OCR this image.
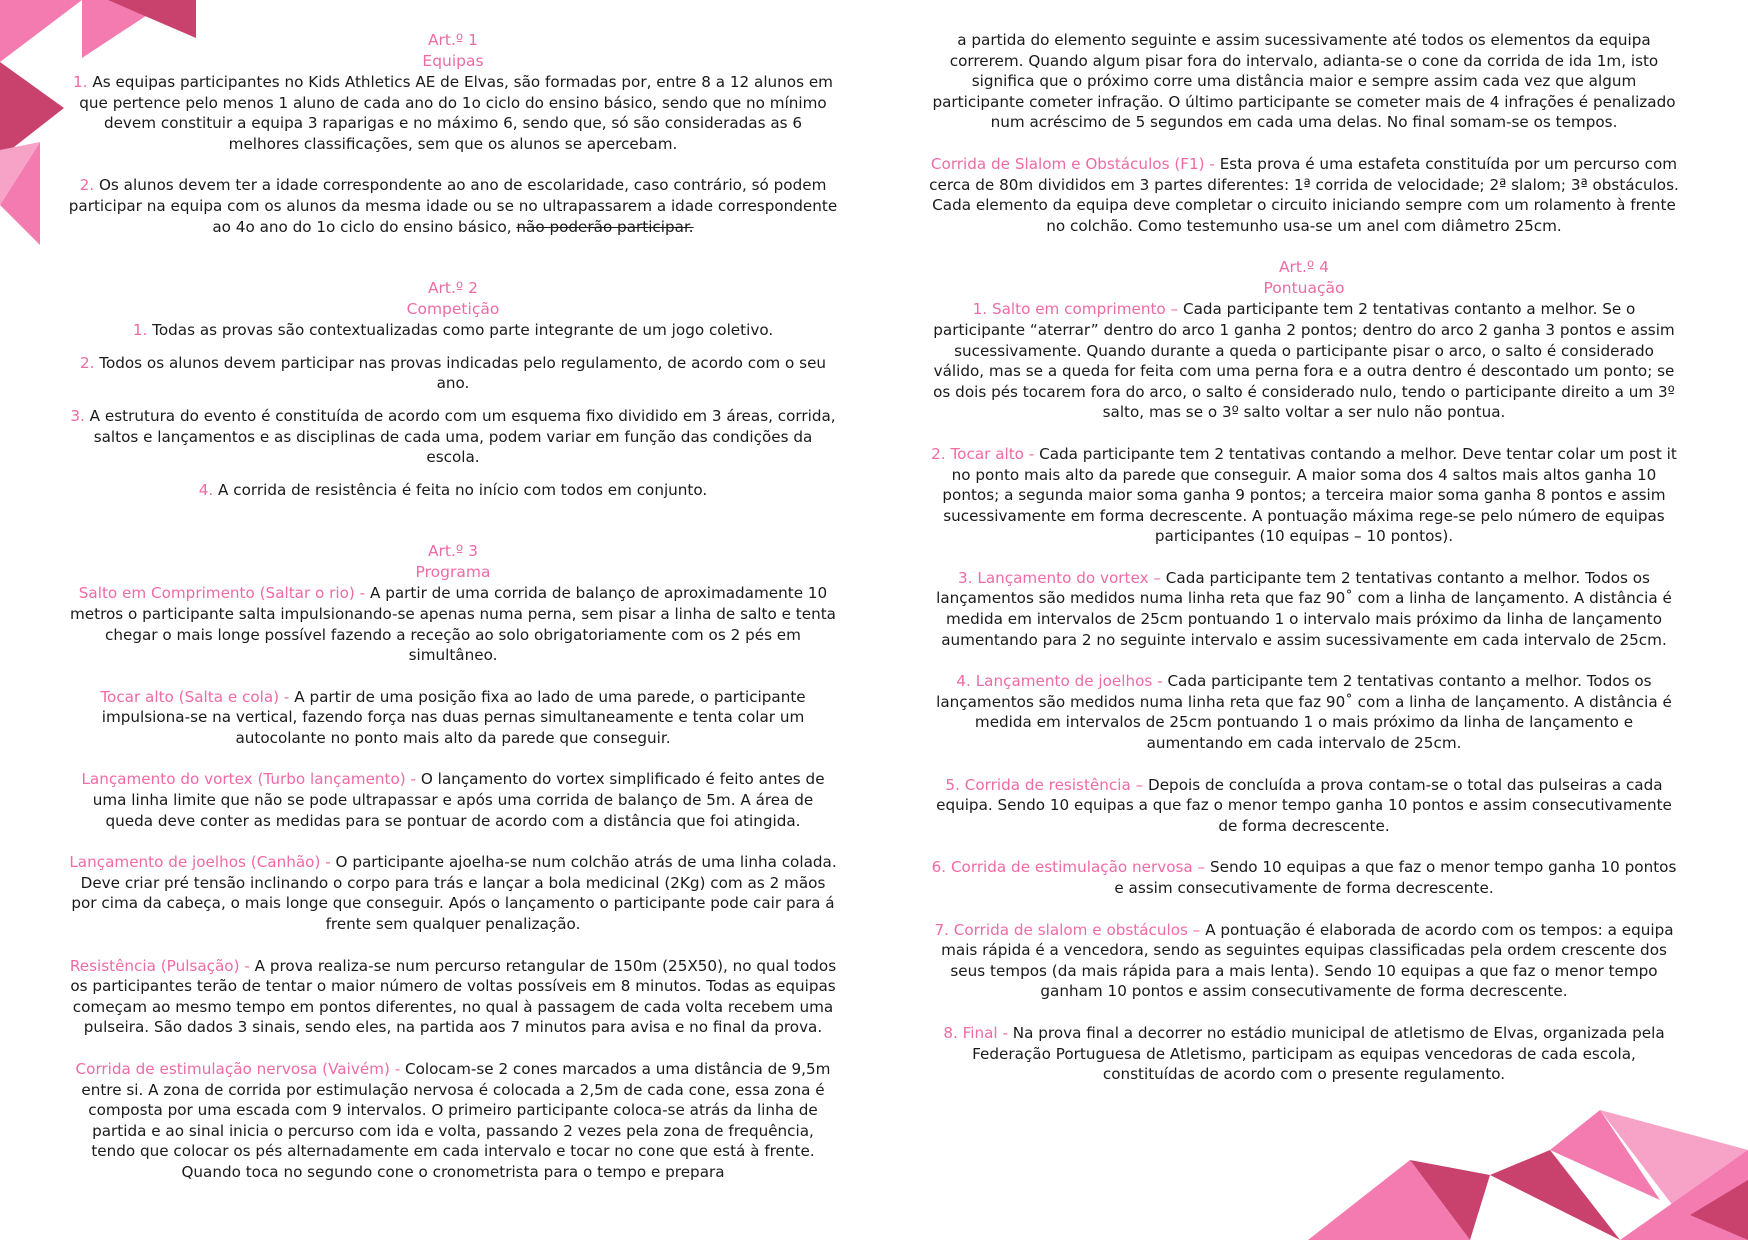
Art.º 1
Equipas

1. As equipas participantes no Kids Athletics AE de Elvas, são formadas por, entre 8 a 12 alunos em que pertence pelo menos 1 aluno de cada ano do 1o ciclo do ensino básico, sendo que no mínimo devem constituir a equipa 3 raparigas e no máximo 6, sendo que, só são consideradas as 6 melhores classificações, sem que os alunos se apercebam.

2. Os alunos devem ter a idade correspondente ao ano de escolaridade, caso contrário, só podem participar na equipa com os alunos da mesma idade ou se no ultrapassarem a idade correspondente ao 4o ano do 1o ciclo do ensino básico, não poderão participar.

Art.º 2
Competição

1. Todas as provas são contextualizadas como parte integrante de um jogo coletivo.

2. Todos os alunos devem participar nas provas indicadas pelo regulamento, de acordo com o seu ano.

3. A estrutura do evento é constituída de acordo com um esquema fixo dividido em 3 áreas, corrida, saltos e lançamentos e as disciplinas de cada uma, podem variar em função das condições da escola.

4. A corrida de resistência é feita no início com todos em conjunto.

Art.º 3
Programa

Salto em Comprimento (Saltar o rio) - A partir de uma corrida de balanço de aproximadamente 10 metros o participante salta impulsionando-se apenas numa perna, sem pisar a linha de salto e tenta chegar o mais longe possível fazendo a receção ao solo obrigatoriamente com os 2 pés em simultâneo.

Tocar alto (Salta e cola) - A partir de uma posição fixa ao lado de uma parede, o participante impulsiona-se na vertical, fazendo força nas duas pernas simultaneamente e tenta colar um autocolante no ponto mais alto da parede que conseguir.

Lançamento do vortex (Turbo lançamento) - O lançamento do vortex simplificado é feito antes de uma linha limite que não se pode ultrapassar e após uma corrida de balanço de 5m. A área de queda deve conter as medidas para se pontuar de acordo com a distância que foi atingida.

Lançamento de joelhos (Canhão) - O participante ajoelha-se num colchão atrás de uma linha colada. Deve criar pré tensão inclinando o corpo para trás e lançar a bola medicinal (2Kg) com as 2 mãos por cima da cabeça, o mais longe que conseguir. Após o lançamento o participante pode cair para á frente sem qualquer penalização.

Resistência (Pulsação) - A prova realiza-se num percurso retangular de 150m (25X50), no qual todos os participantes terão de tentar o maior número de voltas possíveis em 8 minutos. Todas as equipas começam ao mesmo tempo em pontos diferentes, no qual à passagem de cada volta recebem uma pulseira. São dados 3 sinais, sendo eles, na partida aos 7 minutos para avisa e no final da prova.

Corrida de estimulação nervosa (Vaivém) - Colocam-se 2 cones marcados a uma distância de 9,5m entre si. A zona de corrida por estimulação nervosa é colocada a 2,5m de cada cone, essa zona é composta por uma escada com 9 intervalos. O primeiro participante coloca-se atrás da linha de partida e ao sinal inicia o percurso com ida e volta, passando 2 vezes pela zona de frequência, tendo que colocar os pés alternadamente em cada intervalo e tocar no cone que está à frente. Quando toca no segundo cone o cronometrista para o tempo e prepara

a partida do elemento seguinte e assim sucessivamente até todos os elementos da equipa correrem. Quando algum pisar fora do intervalo, adianta-se o cone da corrida de ida 1m, isto significa que o próximo corre uma distância maior e sempre assim cada vez que algum participante cometer infração. O último participante se cometer mais de 4 infrações é penalizado num acréscimo de 5 segundos em cada uma delas. No final somam-se os tempos.

Corrida de Slalom e Obstáculos (F1) - Esta prova é uma estafeta constituída por um percurso com cerca de 80m divididos em 3 partes diferentes: 1ª corrida de velocidade; 2ª slalom; 3ª obstáculos. Cada elemento da equipa deve completar o circuito iniciando sempre com um rolamento à frente no colchão. Como testemunho usa-se um anel com diâmetro 25cm.

Art.º 4
Pontuação

1. Salto em comprimento – Cada participante tem 2 tentativas contanto a melhor. Se o participante “aterrar” dentro do arco 1 ganha 2 pontos; dentro do arco 2 ganha 3 pontos e assim sucessivamente. Quando durante a queda o participante pisar o arco, o salto é considerado válido, mas se a queda for feita com uma perna fora e a outra dentro é descontado um ponto; se os dois pés tocarem fora do arco, o salto é considerado nulo, tendo o participante direito a um 3º salto, mas se o 3º salto voltar a ser nulo não pontua.

2. Tocar alto - Cada participante tem 2 tentativas contando a melhor. Deve tentar colar um post it no ponto mais alto da parede que conseguir. A maior soma dos 4 saltos mais altos ganha 10 pontos; a segunda maior soma ganha 9 pontos; a terceira maior soma ganha 8 pontos e assim sucessivamente em forma decrescente. A pontuação máxima rege-se pelo número de equipas participantes (10 equipas – 10 pontos).

3. Lançamento do vortex – Cada participante tem 2 tentativas contanto a melhor. Todos os lançamentos são medidos numa linha reta que faz 90˚ com a linha de lançamento. A distância é medida em intervalos de 25cm pontuando 1 o intervalo mais próximo da linha de lançamento aumentando para 2 no seguinte intervalo e assim sucessivamente em cada intervalo de 25cm.

4. Lançamento de joelhos - Cada participante tem 2 tentativas contanto a melhor. Todos os lançamentos são medidos numa linha reta que faz 90˚ com a linha de lançamento. A distância é medida em intervalos de 25cm pontuando 1 o mais próximo da linha de lançamento e aumentando em cada intervalo de 25cm.

5. Corrida de resistência – Depois de concluída a prova contam-se o total das pulseiras a cada equipa. Sendo 10 equipas a que faz o menor tempo ganha 10 pontos e assim consecutivamente de forma decrescente.

6. Corrida de estimulação nervosa – Sendo 10 equipas a que faz o menor tempo ganha 10 pontos e assim consecutivamente de forma decrescente.

7. Corrida de slalom e obstáculos – A pontuação é elaborada de acordo com os tempos: a equipa mais rápida é a vencedora, sendo as seguintes equipas classificadas pela ordem crescente dos seus tempos (da mais rápida para a mais lenta). Sendo 10 equipas a que faz o menor tempo ganham 10 pontos e assim consecutivamente de forma decrescente.

8. Final - Na prova final a decorrer no estádio municipal de atletismo de Elvas, organizada pela Federação Portuguesa de Atletismo, participam as equipas vencedoras de cada escola, constituídas de acordo com o presente regulamento.
